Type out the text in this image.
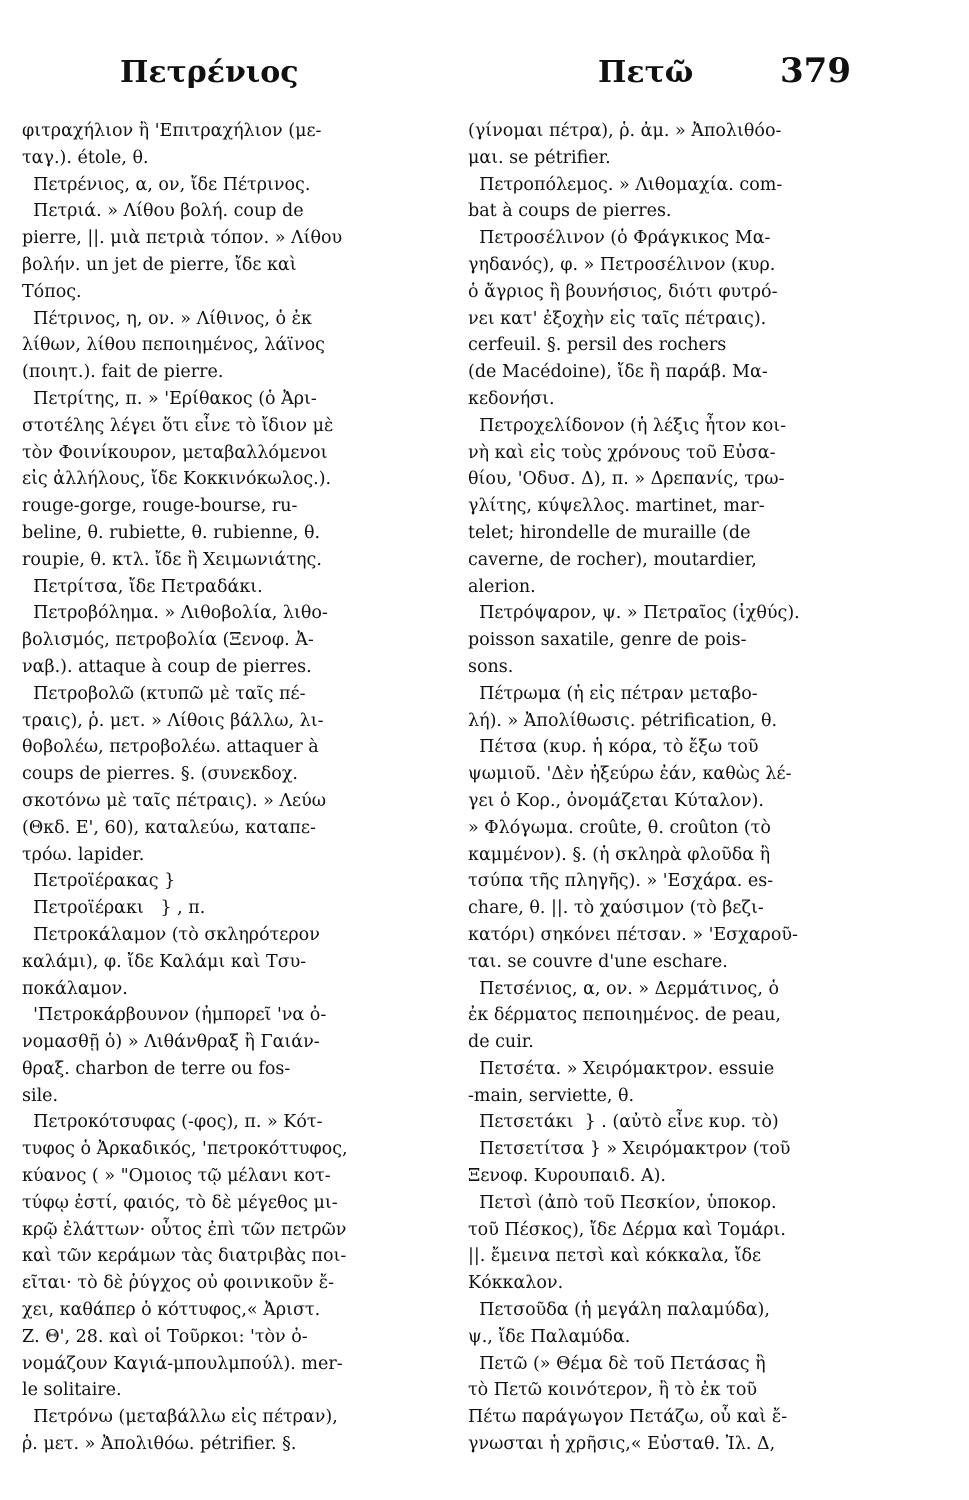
Πετρένιος	Πετῶ	379
φιτραχήλιον ἢ 'Επιτραχήλιον (με-
ταγ.). étole, θ.
Πετρένιος, α, ον, ἴδε Πέτρινος.
Πετριά. » Λίθου βολή. coup de
pierre, ||. μιὰ πετριὰ τόπον. » Λίθου
βολήν. un jet de pierre, ἴδε καὶ
Τόπος.
Πέτρινος, η, ον. » Λίθινος, ὁ ἐκ
λίθων, λίθου πεποιημένος, λάϊνος
(ποιητ.). fait de pierre.
Πετρίτης, π. » 'Ερίθακος (ὁ Ἀρι-
στοτέλης λέγει ὅτι εἶνε τὸ ἴδιον μὲ
τὸν Φοινίκουρον, μεταβαλλόμενοι
εἰς ἀλλήλους, ἴδε Κοκκινόκωλος.).
rouge-gorge, rouge-bourse, ru-
beline, θ. rubiette, θ. rubienne, θ.
roupie, θ. κτλ. ἴδε ἢ Χειμωνιάτης.
Πετρίτσα, ἴδε Πετραδάκι.
Πετροβόλημα. » Λιθοβολία, λιθο-
βολισμός, πετροβολία (Ξενοφ. Ἀ-
ναβ.). attaque à coup de pierres.
Πετροβολῶ (κτυπῶ μὲ ταῖς πέ-
τραις), ῥ. μετ. » Λίθοις βάλλω, λι-
θοβολέω, πετροβολέω. attaquer à
coups de pierres. §. (συνεκδοχ.
σκοτόνω μὲ ταῖς πέτραις). » Λεύω
(Θκδ. Ε', 60), καταλεύω, καταπε-
τρόω. lapider.
Πετροϊέρακας }
Πετροϊέρακι   } , π.
Πετροκάλαμον (τὸ σκληρότερον
καλάμι), φ. ἴδε Καλάμι καὶ Τσυ-
ποκάλαμον.
'Πετροκάρβουνον (ἠμπορεῖ 'να ὀ-
νομασθῇ ὁ) » Λιθάνθραξ ἢ Γαιάν-
θραξ. charbon de terre ou fos-
sile.
Πετροκότσυφας (-φος), π. » Κότ-
τυφος ὁ Ἀρκαδικός, 'πετροκόττυφος,
κύανος ( » "Ομοιος τῷ μέλανι κοτ-
τύφῳ ἐστί, φαιός, τὸ δὲ μέγεθος μι-
κρῷ ἐλάττων· οὗτος ἐπὶ τῶν πετρῶν
καὶ τῶν κεράμων τὰς διατριβὰς ποι-
εῖται· τὸ δὲ ῥύγχος οὐ φοινικοῦν ἔ-
χει, καθάπερ ὁ κόττυφος,« Ἀριστ.
Ζ. Θ', 28. καὶ οἱ Τοῦρκοι: 'τὸν ὀ-
νομάζουν Καγιά-μπουλμπούλ). mer-
le solitaire.
Πετρόνω (μεταβάλλω εἰς πέτραν),
ῥ. μετ. » Ἀπολιθόω. pétrifier. §.
(γίνομαι πέτρα), ῥ. ἀμ. » Ἀπολιθόο-
μαι. se pétrifier.
Πετροπόλεμος. » Λιθομαχία. com-
bat à coups de pierres.
Πετροσέλινον (ὁ Φράγκικος Μα-
γηδανός), φ. » Πετροσέλινον (κυρ.
ὁ ἄγριος ἢ βουνήσιος, διότι φυτρό-
νει κατ' ἐξοχὴν εἰς ταῖς πέτραις).
cerfeuil. §. persil des rochers
(de Macédoine), ἴδε ἢ παράβ. Μα-
κεδονήσι.
Πετροχελίδονον (ἡ λέξις ἦτον κοι-
νὴ καὶ εἰς τοὺς χρόνους τοῦ Εὐσα-
θίου, 'Οδυσ. Δ), π. » Δρεπανίς, τρω-
γλίτης, κύψελλος. martinet, mar-
telet; hirondelle de muraille (de
caverne, de rocher), moutardier,
alerion.
Πετρόψαρον, ψ. » Πετραῖος (ἰχθύς).
poisson saxatile, genre de pois-
sons.
Πέτρωμα (ἡ εἰς πέτραν μεταβο-
λή). » Ἀπολίθωσις. pétrification, θ.
Πέτσα (κυρ. ἡ κόρα, τὸ ἔξω τοῦ
ψωμιοῦ. 'Δὲν ἠξεύρω ἐάν, καθὼς λέ-
γει ὁ Κορ., ὀνομάζεται Κύταλον).
» Φλόγωμα. croûte, θ. croûton (τὸ
καμμένον). §. (ἡ σκληρὰ φλοῦδα ἢ
τσύπα τῆς πληγῆς). » 'Εσχάρα. es-
chare, θ. ||. τὸ χαύσιμον (τὸ βεζι-
κατόρι) σηκόνει πέτσαν. » 'Εσχαροῦ-
ται. se couvre d'une eschare.
Πετσένιος, α, ον. » Δερμάτινος, ὁ
ἐκ δέρματος πεποιημένος. de peau,
de cuir.
Πετσέτα. » Χειρόμακτρον. essuie
-main, serviette, θ.
Πετσετάκι  } . (αὐτὸ εἶνε κυρ. τὸ)
Πετσετίτσα } » Χειρόμακτρον (τοῦ
Ξενοφ. Κυρουπαιδ. Α).
Πετσὶ (ἀπὸ τοῦ Πεσκίον, ὑποκορ.
τοῦ Πέσκος), ἴδε Δέρμα καὶ Τομάρι.
||. ἔμεινα πετσὶ καὶ κόκκαλα, ἴδε
Κόκκαλον.
Πετσοῦδα (ἡ μεγάλη παλαμύδα),
ψ., ἴδε Παλαμύδα.
Πετῶ (» Θέμα δὲ τοῦ Πετάσας ἢ
τὸ Πετῶ κοινότερον, ἢ τὸ ἐκ τοῦ
Πέτω παράγωγον Πετάζω, οὗ καὶ ἔ-
γνωσται ἡ χρῆσις,« Εὐσταθ. Ἰλ. Δ,
